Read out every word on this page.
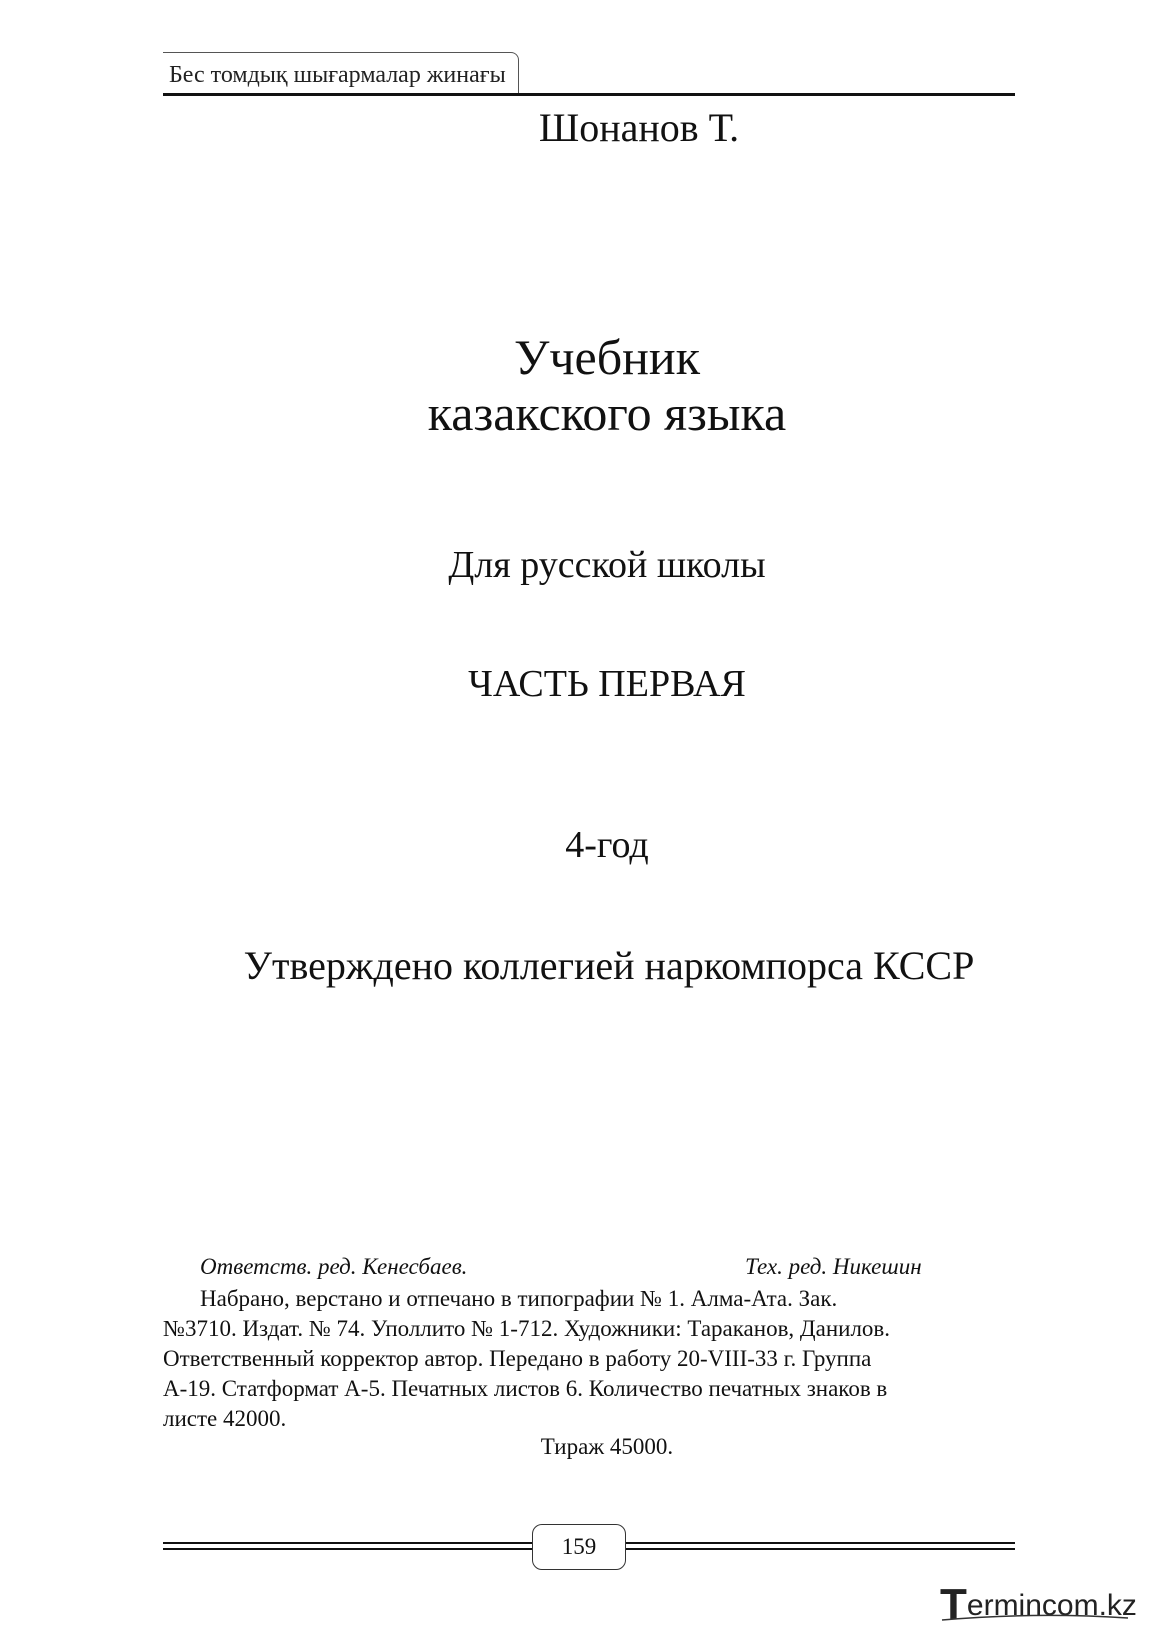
Бес томдық шығармалар жинағы
Шонанов Т.
Учебник
казакского языка
Для русской школы
ЧАСТЬ ПЕРВАЯ
4-год
Утверждено коллегией наркомпорса КССР
Ответств. ред. Кенесбаев.	Тех. ред. Никешин
Набрано, верстано и отпечано в типографии № 1. Алма-Ата. Зак.
№3710. Издат. № 74. Уполлито № 1-712. Художники: Тараканов, Данилов.
Ответственный корректор автор. Передано в работу 20-VIII-33 г. Группа
А-19. Статформат А-5. Печатных листов 6. Количество печатных знаков в
листе 42000.
Тираж 45000.
159
Termincom.kz
